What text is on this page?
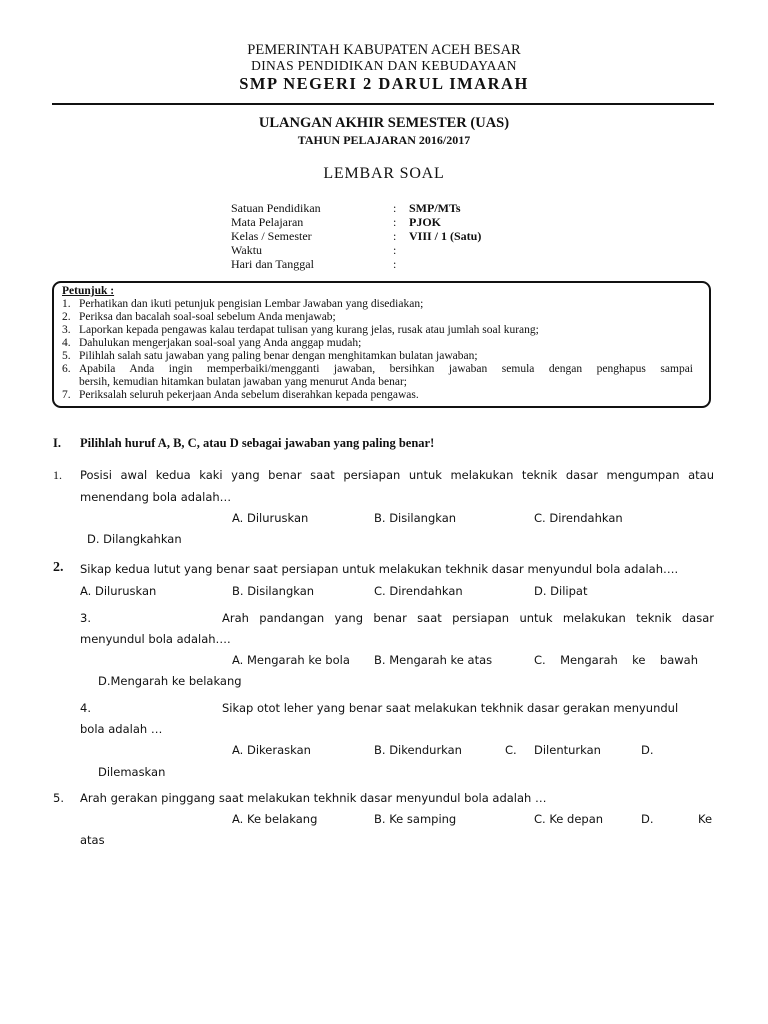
PEMERINTAH KABUPATEN ACEH BESAR
DINAS PENDIDIKAN DAN KEBUDAYAAN
SMP NEGERI 2 DARUL IMARAH
ULANGAN AKHIR SEMESTER (UAS)
TAHUN PELAJARAN 2016/2017
LEMBAR SOAL
Satuan Pendidikan	: SMP/MTs
Mata Pelajaran	: PJOK
Kelas / Semester	: VIII / 1 (Satu)
Waktu	:
Hari dan Tanggal	:
Petunjuk :
1. Perhatikan dan ikuti petunjuk pengisian Lembar Jawaban yang disediakan;
2. Periksa dan bacalah soal-soal sebelum Anda menjawab;
3. Laporkan kepada pengawas kalau terdapat tulisan yang kurang jelas, rusak atau jumlah soal kurang;
4. Dahulukan mengerjakan soal-soal yang Anda anggap mudah;
5. Pilihlah salah satu jawaban yang paling benar dengan menghitamkan bulatan jawaban;
6. Apabila Anda ingin memperbaiki/mengganti jawaban, bersihkan jawaban semula dengan penghapus sampai
bersih, kemudian hitamkan bulatan jawaban yang menurut Anda benar;
7. Periksalah seluruh pekerjaan Anda sebelum diserahkan kepada pengawas.
I. Pilihlah huruf A, B, C, atau D sebagai jawaban yang paling benar!
1. Posisi awal kedua kaki yang benar saat persiapan untuk melakukan teknik dasar mengumpan atau
menendang bola adalah…
A. Diluruskan	B. Disilangkan	C. Direndahkan
D. Dilangkahkan
2. Sikap kedua lutut yang benar saat persiapan untuk melakukan tekhnik dasar menyundul bola adalah….
A. Diluruskan	B. Disilangkan	C. Direndahkan	D. Dilipat
3.	Arah pandangan yang benar saat persiapan untuk melakukan teknik dasar
menyundul bola adalah….
A. Mengarah ke bola B. Mengarah ke atas	C. Mengarah ke bawah
D.Mengarah ke belakang
4.	Sikap otot leher yang benar saat melakukan tekhnik dasar gerakan menyundul
bola adalah …
A. Dikeraskan	B. Dikendurkan	C. Dilenturkan	D.
Dilemaskan
5. Arah gerakan pinggang saat melakukan tekhnik dasar menyundul bola adalah …
A. Ke belakang	B. Ke samping	C. Ke depan	D.	Ke
atas
